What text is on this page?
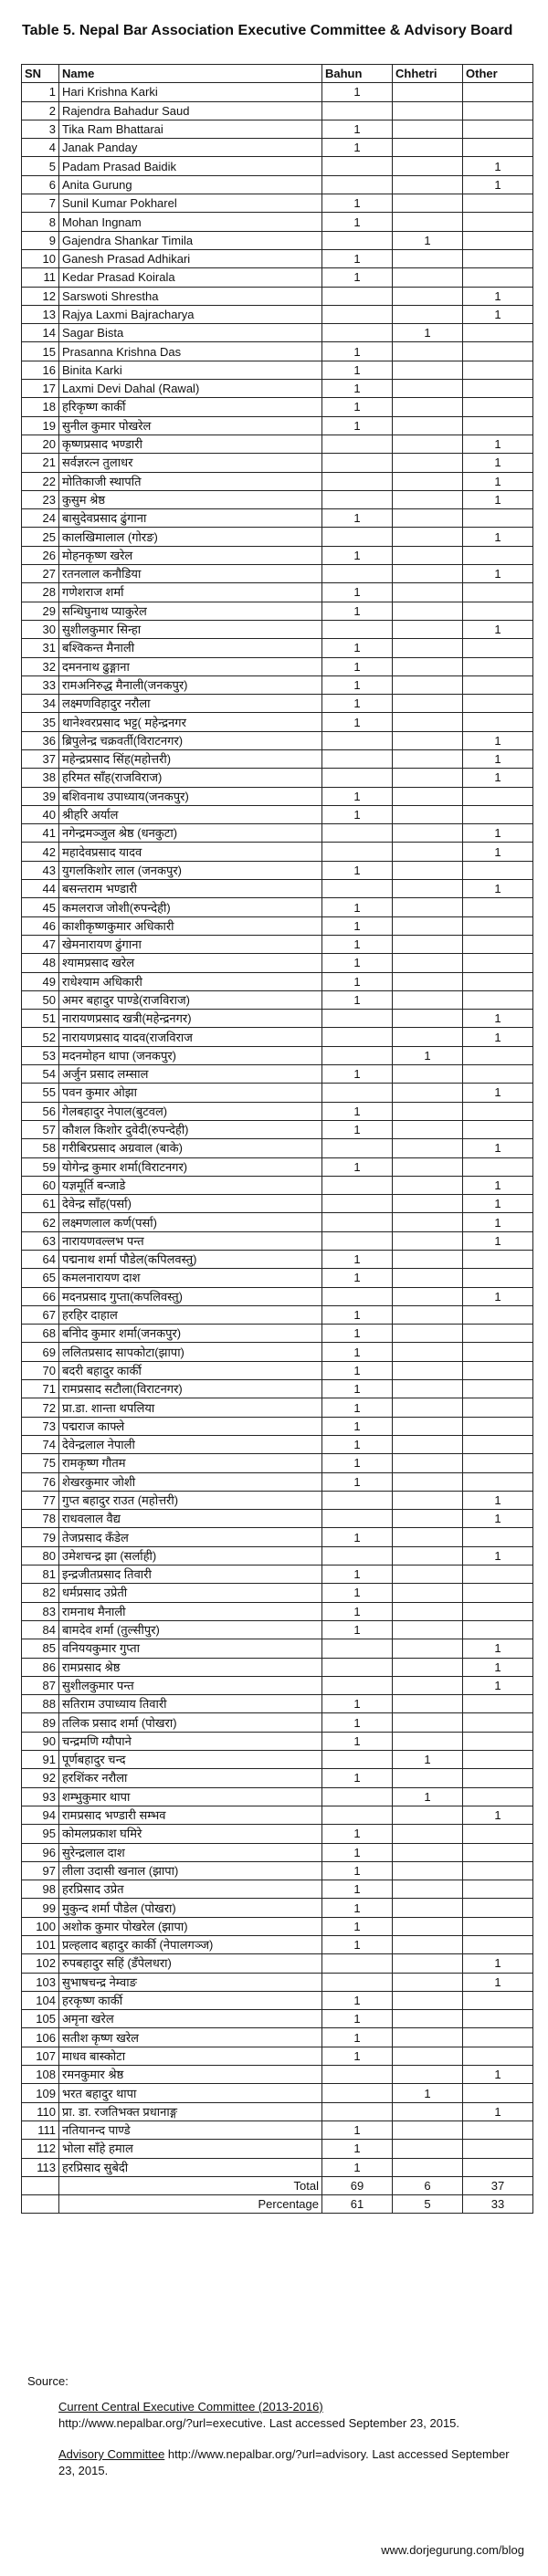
Table 5. Nepal Bar Association Executive Committee & Advisory Board
SN	Name	Bahun	Chhetri	Other
1	Hari Krishna Karki	1		
2	Rajendra Bahadur Saud			
3	Tika Ram Bhattarai	1		
4	Janak Panday	1		
5	Padam Prasad Baidik			1
6	Anita Gurung			1
7	Sunil Kumar Pokharel	1		
8	Mohan Ingnam	1		
9	Gajendra Shankar Timila		1	
10	Ganesh Prasad Adhikari	1		
11	Kedar Prasad Koirala	1		
12	Sarswoti Shrestha			1
13	Rajya Laxmi Bajracharya			1
14	Sagar Bista		1	
15	Prasanna Krishna Das	1		
16	Binita Karki	1		
17	Laxmi Devi Dahal (Rawal)	1		
18	हरिकृष्ण कार्की	1		
19	सुनील कुमार पोखरेल	1		
20	कृष्णप्रसाद भण्डारी			1
21	सर्वज्ञरत्न तुलाधर			1
22	मोतिकाजी स्थापति			1
23	कुसुम श्रेष्ठ			1
24	बासुदेवप्रसाद ढुंगाना	1		
25	कालखिमालाल (गोरङ)			1
26	मोहनकृष्ण खरेल	1		
27	रतनलाल कनौडिया			1
28	गणेशराज शर्मा	1		
29	सन्धिघुनाथ प्याकुरेल	1		
30	सुशीलकुमार सिन्हा			1
31	बश्विकन्त मैनाली	1		
32	दमननाथ ढुङ्गाना	1		
33	रामअनिरुद्ध मैनाली(जनकपुर)	1		
34	लक्ष्मणविहादुर नरौला	1		
35	थानेश्वरप्रसाद भट्ट( महेन्द्रनगर	1		
36	ब्रिपुलेन्द्र चक्रवर्ती(विराटनगर)			1
37	महेन्द्रप्रसाद सिंह(महोत्तरी)			1
38	हरिमत साँह(राजविराज)			1
39	बशिवनाथ उपाध्याय(जनकपुर)	1		
40	श्रीहरि अर्याल	1		
41	नगेन्द्रमञ्जुल श्रेष्ठ (धनकुटा)			1
42	महादेवप्रसाद यादव			1
43	युगलकिशोर लाल (जनकपुर)	1		
44	बसन्तराम भण्डारी			1
45	कमलराज जोशी(रुपन्देही)	1		
46	काशीकृष्णकुमार अधिकारी	1		
47	खेमनारायण ढुंगाना	1		
48	श्यामप्रसाद खरेल	1		
49	राधेश्याम अधिकारी	1		
50	अमर बहादुर पाण्डे(राजविराज)	1		
51	नारायणप्रसाद खत्री(महेन्द्रनगर)			1
52	नारायणप्रसाद यादव(राजविराज			1
53	मदनमोहन थापा (जनकपुर)		1	
54	अर्जुन प्रसाद लम्साल	1		
55	पवन कुमार ओझा			1
56	गेलबहादुर नेपाल(बुटवल)	1		
57	कौशल किशोर दुवेदी(रुपन्देही)	1		
58	गरीबिरप्रसाद अग्रवाल (बाके)			1
59	योगेन्द्र कुमार शर्मा(विराटनगर)	1		
60	यज्ञमूर्ति बन्जाडे			1
61	देवेन्द्र साँह(पर्सा)			1
62	लक्ष्मणलाल कर्ण(पर्सा)			1
63	नारायणवल्लभ पन्त			1
64	पद्मनाथ शर्मा पौडेल(कपिलवस्तु)	1		
65	कमलनारायण दाश	1		
66	मदनप्रसाद गुप्ता(कपलिवस्तु)			1
67	हरहिर दाहाल	1		
68	बनिोद कुमार शर्मा(जनकपुर)	1		
69	ललितप्रसाद सापकोटा(झापा)	1		
70	बदरी बहादुर कार्की	1		
71	रामप्रसाद सटौला(विराटनगर)	1		
72	प्रा.डा. शान्ता थपलिया	1		
73	पद्मराज काफ्ले	1		
74	देवेन्द्रलाल नेपाली	1		
75	रामकृष्ण गौतम	1		
76	शेखरकुमार जोशी	1		
77	गुप्त बहादुर राउत (महोत्तरी)			1
78	राधवलाल वैद्य			1
79	तेजप्रसाद कँडेल	1		
80	उमेशचन्द्र झा (सर्लाही)			1
81	इन्द्रजीतप्रसाद तिवारी	1		
82	धर्मप्रसाद उप्रेती	1		
83	रामनाथ मैनाली	1		
84	बामदेव शर्मा (तुल्सीपुर)	1		
85	वनिययकुमार गुप्ता			1
86	रामप्रसाद श्रेष्ठ			1
87	सुशीलकुमार पन्त			1
88	सतिराम उपाध्याय तिवारी	1		
89	तलिक प्रसाद शर्मा (पोखरा)	1		
90	चन्द्रमणि ग्यौपाने	1		
91	पूर्णबहादुर चन्द		1	
92	हरशिंकर नरौला	1		
93	शम्भुकुमार थापा		1	
94	रामप्रसाद भण्डारी सम्भव			1
95	कोमलप्रकाश घमिरे	1		
96	सुरेन्द्रलाल दाश	1		
97	लीला उदासी खनाल (झापा)	1		
98	हरप्रिसाद उप्रेत	1		
99	मुकुन्द शर्मा पौडेल (पोखरा)	1		
100	अशोक कुमार पोखरेल (झापा)	1		
101	प्रल्हलाद बहादुर कार्की (नेपालगञ्ज)	1		
102	रुपबहादुर सहिं (डँपेलधरा)			1
103	सुभाषचन्द्र नेम्वाङ			1
104	हरकृष्ण कार्की	1		
105	अमृना खरेल	1		
106	सतीश कृष्ण खरेल	1		
107	माधव बास्कोटा	1		
108	रमनकुमार श्रेष्ठ			1
109	भरत बहादुर थापा		1	
110	प्रा. डा. रजतिभक्त प्रधानाङ्ग			1
111	नतियानन्द पाण्डे	1		
112	भोला साँहे हमाल	1		
113	हरप्रिसाद सुबेदी	1		
	Total	69	6	37
	Percentage	61	5	33
Source:
Current Central Executive Committee (2013-2016)
http://www.nepalbar.org/?url=executive. Last accessed September 23, 2015.
Advisory Committee http://www.nepalbar.org/?url=advisory. Last accessed September 23, 2015.
www.dorjegurung.com/blog
